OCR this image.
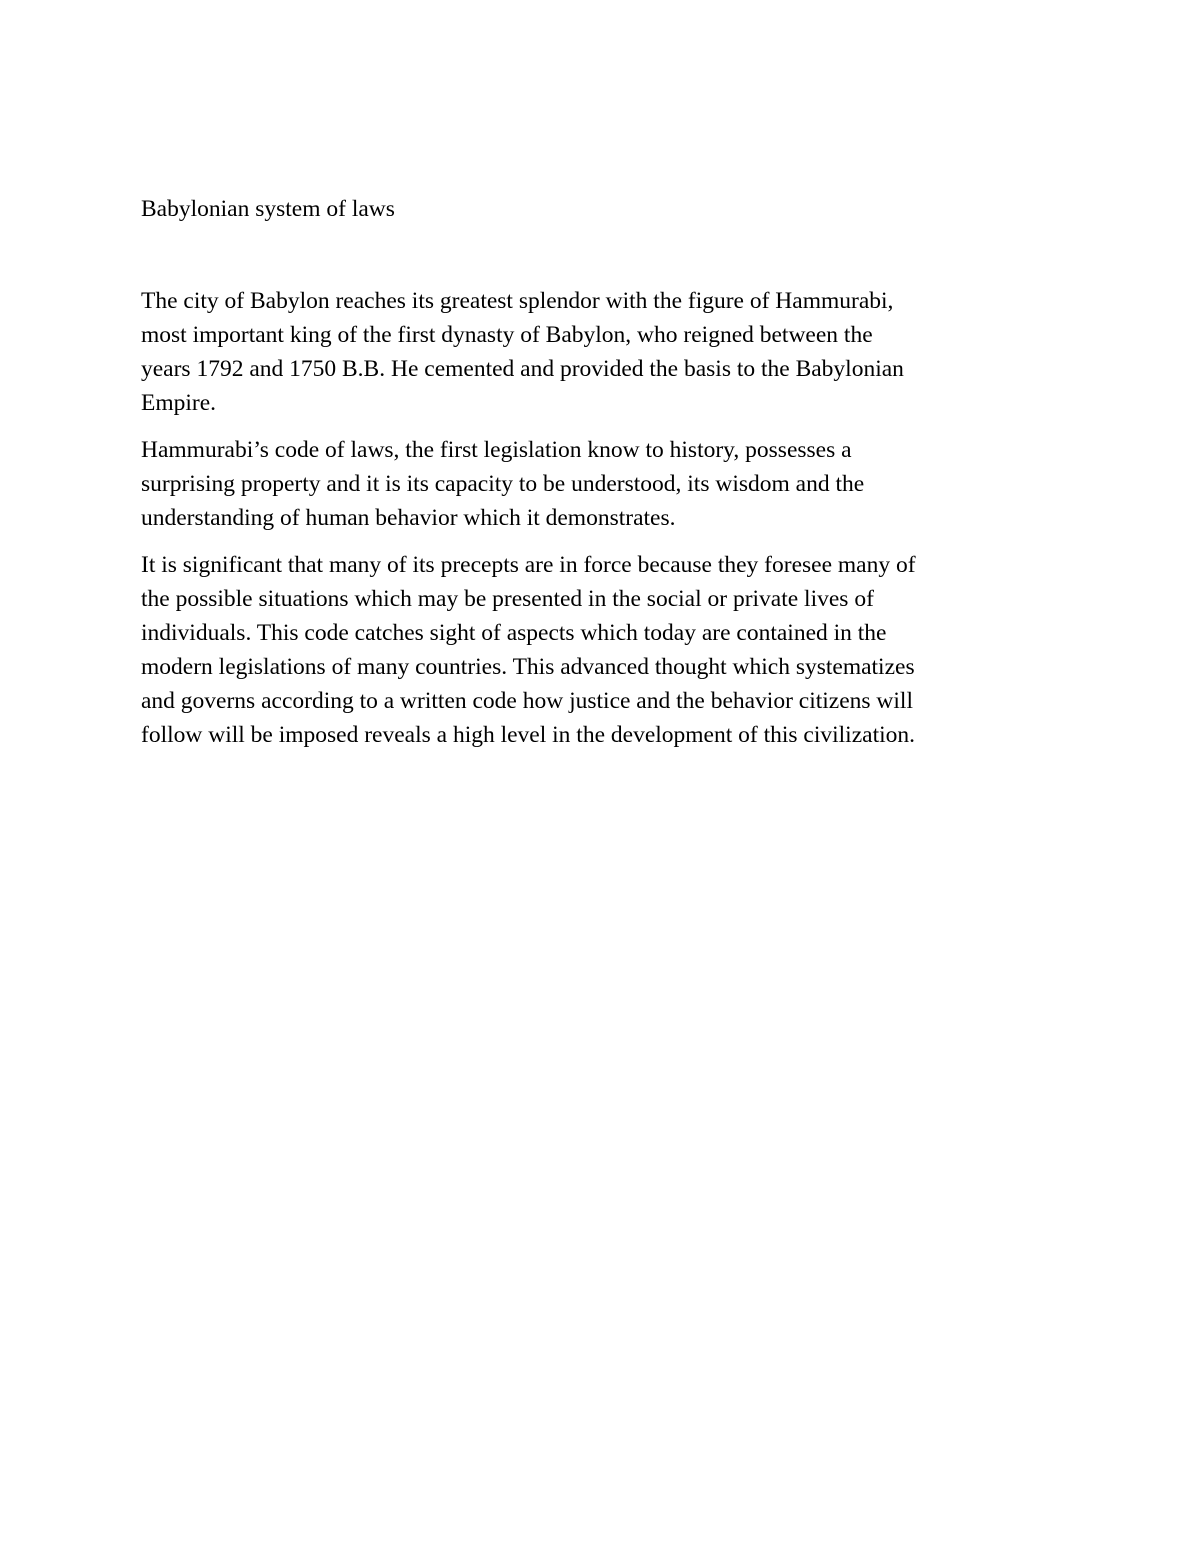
Babylonian system of laws

The city of Babylon reaches its greatest splendor with the figure of Hammurabi,
most important king of the first dynasty of Babylon, who reigned between the
years 1792 and 1750 B.B. He cemented and provided the basis to the Babylonian
Empire.

Hammurabi’s code of laws, the first legislation know to history, possesses a
surprising property and it is its capacity to be understood, its wisdom and the
understanding of human behavior which it demonstrates.

It is significant that many of its precepts are in force because they foresee many of
the possible situations which may be presented in the social or private lives of
individuals. This code catches sight of aspects which today are contained in the
modern legislations of many countries. This advanced thought which systematizes
and governs according to a written code how justice and the behavior citizens will
follow will be imposed reveals a high level in the development of this civilization.
